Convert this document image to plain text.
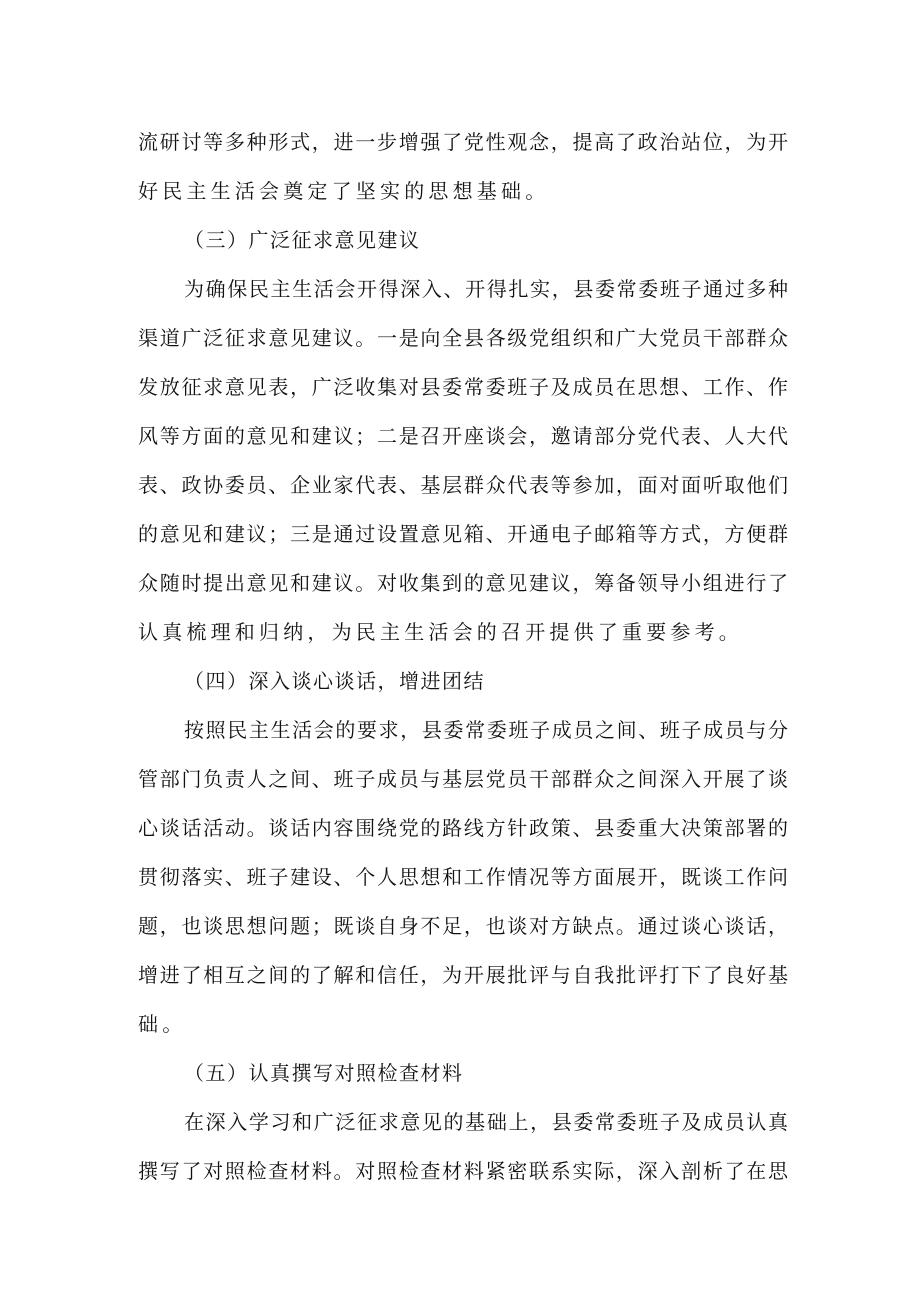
流研讨等多种形式，进一步增强了党性观念，提高了政治站位，为开
好民主生活会奠定了坚实的思想基础。
（三）广泛征求意见建议
为确保民主生活会开得深入、开得扎实，县委常委班子通过多种
渠道广泛征求意见建议。一是向全县各级党组织和广大党员干部群众
发放征求意见表，广泛收集对县委常委班子及成员在思想、工作、作
风等方面的意见和建议；二是召开座谈会，邀请部分党代表、人大代
表、政协委员、企业家代表、基层群众代表等参加，面对面听取他们
的意见和建议；三是通过设置意见箱、开通电子邮箱等方式，方便群
众随时提出意见和建议。对收集到的意见建议，筹备领导小组进行了
认真梳理和归纳，为民主生活会的召开提供了重要参考。
（四）深入谈心谈话，增进团结
按照民主生活会的要求，县委常委班子成员之间、班子成员与分
管部门负责人之间、班子成员与基层党员干部群众之间深入开展了谈
心谈话活动。谈话内容围绕党的路线方针政策、县委重大决策部署的
贯彻落实、班子建设、个人思想和工作情况等方面展开，既谈工作问
题，也谈思想问题；既谈自身不足，也谈对方缺点。通过谈心谈话，
增进了相互之间的了解和信任，为开展批评与自我批评打下了良好基
础。
（五）认真撰写对照检查材料
在深入学习和广泛征求意见的基础上，县委常委班子及成员认真
撰写了对照检查材料。对照检查材料紧密联系实际，深入剖析了在思
